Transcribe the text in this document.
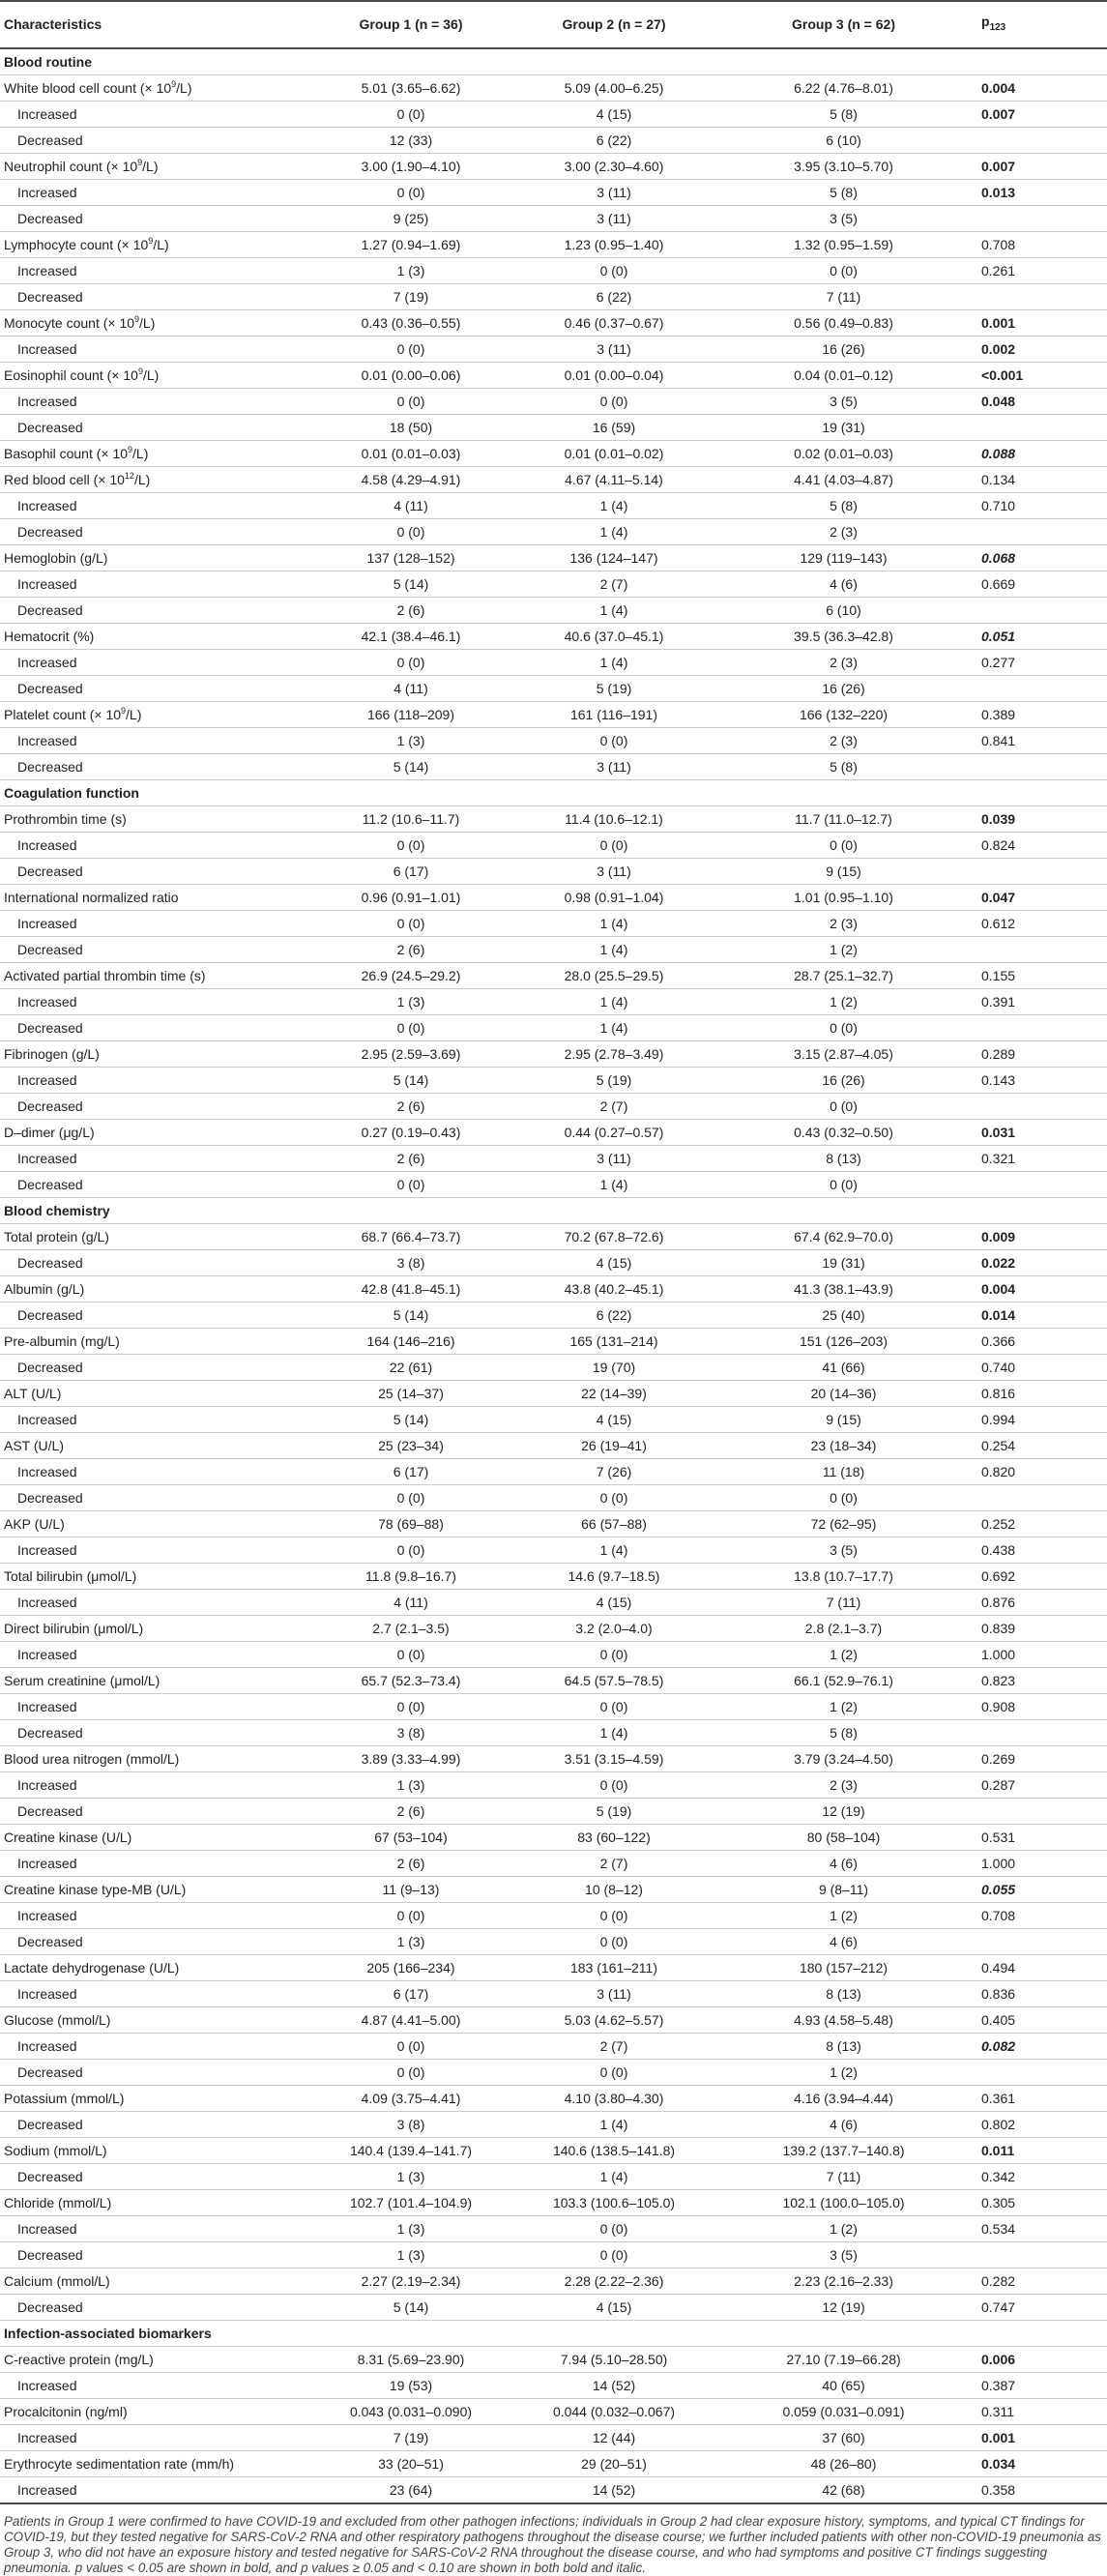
Characteristics	Group 1 (n = 36)	Group 2 (n = 27)	Group 3 (n = 62)	$p_{123}$
Blood routine				
White blood cell count (× $10^9/L$)	5.01 (3.65–6.62)	5.09 (4.00–6.25)	6.22 (4.76–8.01)	0.004
Increased	0 (0)	4 (15)	5 (8)	0.007
Decreased	12 (33)	6 (22)	6 (10)	
Neutrophil count (× $10^9/L$)	3.00 (1.90–4.10)	3.00 (2.30–4.60)	3.95 (3.10–5.70)	0.007
Increased	0 (0)	3 (11)	5 (8)	0.013
Decreased	9 (25)	3 (11)	3 (5)	
Lymphocyte count (× $10^9/L$)	1.27 (0.94–1.69)	1.23 (0.95–1.40)	1.32 (0.95–1.59)	0.708
Increased	1 (3)	0 (0)	0 (0)	0.261
Decreased	7 (19)	6 (22)	7 (11)	
Monocyte count (× $10^9/L$)	0.43 (0.36–0.55)	0.46 (0.37–0.67)	0.56 (0.49–0.83)	0.001
Increased	0 (0)	3 (11)	16 (26)	0.002
Eosinophil count (× $10^9/L$)	0.01 (0.00–0.06)	0.01 (0.00–0.04)	0.04 (0.01–0.12)	<0.001
Increased	0 (0)	0 (0)	3 (5)	0.048
Decreased	18 (50)	16 (59)	19 (31)	
Basophil count (× $10^9/L$)	0.01 (0.01–0.03)	0.01 (0.01–0.02)	0.02 (0.01–0.03)	0.088
Red blood cell (× $10^{12}/L$)	4.58 (4.29–4.91)	4.67 (4.11–5.14)	4.41 (4.03–4.87)	0.134
Increased	4 (11)	1 (4)	5 (8)	0.710
Decreased	0 (0)	1 (4)	2 (3)	
Hemoglobin (g/L)	137 (128–152)	136 (124–147)	129 (119–143)	0.068
Increased	5 (14)	2 (7)	4 (6)	0.669
Decreased	2 (6)	1 (4)	6 (10)	
Hematocrit (%)	42.1 (38.4–46.1)	40.6 (37.0–45.1)	39.5 (36.3–42.8)	0.051
Increased	0 (0)	1 (4)	2 (3)	0.277
Decreased	4 (11)	5 (19)	16 (26)	
Platelet count (× $10^9/L$)	166 (118–209)	161 (116–191)	166 (132–220)	0.389
Increased	1 (3)	0 (0)	2 (3)	0.841
Decreased	5 (14)	3 (11)	5 (8)	
Coagulation function				
Prothrombin time (s)	11.2 (10.6–11.7)	11.4 (10.6–12.1)	11.7 (11.0–12.7)	0.039
Increased	0 (0)	0 (0)	0 (0)	0.824
Decreased	6 (17)	3 (11)	9 (15)	
International normalized ratio	0.96 (0.91–1.01)	0.98 (0.91–1.04)	1.01 (0.95–1.10)	0.047
Increased	0 (0)	1 (4)	2 (3)	0.612
Decreased	2 (6)	1 (4)	1 (2)	
Activated partial thrombin time (s)	26.9 (24.5–29.2)	28.0 (25.5–29.5)	28.7 (25.1–32.7)	0.155
Increased	1 (3)	1 (4)	1 (2)	0.391
Decreased	0 (0)	1 (4)	0 (0)	
Fibrinogen (g/L)	2.95 (2.59–3.69)	2.95 (2.78–3.49)	3.15 (2.87–4.05)	0.289
Increased	5 (14)	5 (19)	16 (26)	0.143
Decreased	2 (6)	2 (7)	0 (0)	
D–dimer (μg/L)	0.27 (0.19–0.43)	0.44 (0.27–0.57)	0.43 (0.32–0.50)	0.031
Increased	2 (6)	3 (11)	8 (13)	0.321
Decreased	0 (0)	1 (4)	0 (0)	
Blood chemistry				
Total protein (g/L)	68.7 (66.4–73.7)	70.2 (67.8–72.6)	67.4 (62.9–70.0)	0.009
Decreased	3 (8)	4 (15)	19 (31)	0.022
Albumin (g/L)	42.8 (41.8–45.1)	43.8 (40.2–45.1)	41.3 (38.1–43.9)	0.004
Decreased	5 (14)	6 (22)	25 (40)	0.014
Pre-albumin (mg/L)	164 (146–216)	165 (131–214)	151 (126–203)	0.366
Decreased	22 (61)	19 (70)	41 (66)	0.740
ALT (U/L)	25 (14–37)	22 (14–39)	20 (14–36)	0.816
Increased	5 (14)	4 (15)	9 (15)	0.994
AST (U/L)	25 (23–34)	26 (19–41)	23 (18–34)	0.254
Increased	6 (17)	7 (26)	11 (18)	0.820
Decreased	0 (0)	0 (0)	0 (0)	
AKP (U/L)	78 (69–88)	66 (57–88)	72 (62–95)	0.252
Increased	0 (0)	1 (4)	3 (5)	0.438
Total bilirubin (μmol/L)	11.8 (9.8–16.7)	14.6 (9.7–18.5)	13.8 (10.7–17.7)	0.692
Increased	4 (11)	4 (15)	7 (11)	0.876
Direct bilirubin (μmol/L)	2.7 (2.1–3.5)	3.2 (2.0–4.0)	2.8 (2.1–3.7)	0.839
Increased	0 (0)	0 (0)	1 (2)	1.000
Serum creatinine (μmol/L)	65.7 (52.3–73.4)	64.5 (57.5–78.5)	66.1 (52.9–76.1)	0.823
Increased	0 (0)	0 (0)	1 (2)	0.908
Decreased	3 (8)	1 (4)	5 (8)	
Blood urea nitrogen (mmol/L)	3.89 (3.33–4.99)	3.51 (3.15–4.59)	3.79 (3.24–4.50)	0.269
Increased	1 (3)	0 (0)	2 (3)	0.287
Decreased	2 (6)	5 (19)	12 (19)	
Creatine kinase (U/L)	67 (53–104)	83 (60–122)	80 (58–104)	0.531
Increased	2 (6)	2 (7)	4 (6)	1.000
Creatine kinase type-MB (U/L)	11 (9–13)	10 (8–12)	9 (8–11)	0.055
Increased	0 (0)	0 (0)	1 (2)	0.708
Decreased	1 (3)	0 (0)	4 (6)	
Lactate dehydrogenase (U/L)	205 (166–234)	183 (161–211)	180 (157–212)	0.494
Increased	6 (17)	3 (11)	8 (13)	0.836
Glucose (mmol/L)	4.87 (4.41–5.00)	5.03 (4.62–5.57)	4.93 (4.58–5.48)	0.405
Increased	0 (0)	2 (7)	8 (13)	0.082
Decreased	0 (0)	0 (0)	1 (2)	
Potassium (mmol/L)	4.09 (3.75–4.41)	4.10 (3.80–4.30)	4.16 (3.94–4.44)	0.361
Decreased	3 (8)	1 (4)	4 (6)	0.802
Sodium (mmol/L)	140.4 (139.4–141.7)	140.6 (138.5–141.8)	139.2 (137.7–140.8)	0.011
Decreased	1 (3)	1 (4)	7 (11)	0.342
Chloride (mmol/L)	102.7 (101.4–104.9)	103.3 (100.6–105.0)	102.1 (100.0–105.0)	0.305
Increased	1 (3)	0 (0)	1 (2)	0.534
Decreased	1 (3)	0 (0)	3 (5)	
Calcium (mmol/L)	2.27 (2.19–2.34)	2.28 (2.22–2.36)	2.23 (2.16–2.33)	0.282
Decreased	5 (14)	4 (15)	12 (19)	0.747
Infection-associated biomarkers				
C-reactive protein (mg/L)	8.31 (5.69–23.90)	7.94 (5.10–28.50)	27.10 (7.19–66.28)	0.006
Increased	19 (53)	14 (52)	40 (65)	0.387
Procalcitonin (ng/ml)	0.043 (0.031–0.090)	0.044 (0.032–0.067)	0.059 (0.031–0.091)	0.311
Increased	7 (19)	12 (44)	37 (60)	0.001
Erythrocyte sedimentation rate (mm/h)	33 (20–51)	29 (20–51)	48 (26–80)	0.034
Increased	23 (64)	14 (52)	42 (68)	0.358
Patients in Group 1 were confirmed to have COVID-19 and excluded from other pathogen infections; individuals in Group 2 had clear exposure history, symptoms, and typical CT findings for COVID-19, but they tested negative for SARS-CoV-2 RNA and other respiratory pathogens throughout the disease course; we further included patients with other non-COVID-19 pneumonia as Group 3, who did not have an exposure history and tested negative for SARS-CoV-2 RNA throughout the disease course, and who had symptoms and positive CT findings suggesting pneumonia. p values < 0.05 are shown in bold, and p values ≥ 0.05 and < 0.10 are shown in both bold and italic.
